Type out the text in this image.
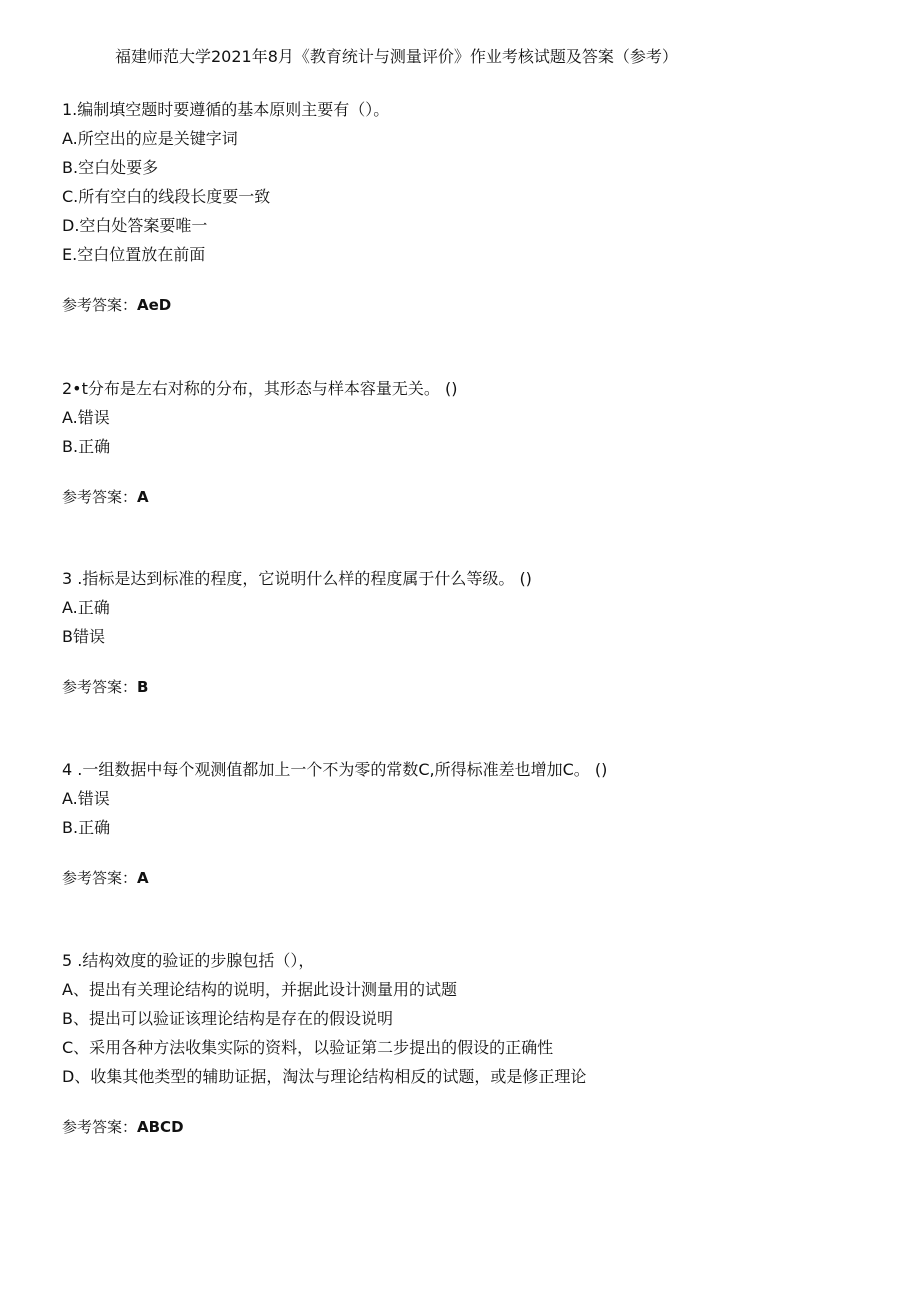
福建师范大学2021年8月《教育统计与测量评价》作业考核试题及答案（参考）
1.编制填空题时要遵循的基本原则主要有（）。
A.所空出的应是关键字词
B.空白处要多
C.所有空白的线段长度要一致
D.空白处答案要唯一
E.空白位置放在前面
参考答案：AeD
2•t分布是左右对称的分布，其形态与样本容量无关。 ()
A.错误
B.正确
参考答案：A
3 .指标是达到标准的程度，它说明什么样的程度属于什么等级。 ()
A.正确
B错误
参考答案：B
4 .一组数据中每个观测值都加上一个不为零的常数C,所得标准差也增加C。 ()
A.错误
B.正确
参考答案：A
5 .结构效度的验证的步腺包括（），
A、提出有关理论结构的说明，并据此设计测量用的试题
B、提出可以验证该理论结构是存在的假设说明
C、采用各种方法收集实际的资料，以验证第二步提出的假设的正确性
D、收集其他类型的辅助证据，淘汰与理论结构相反的试题，或是修正理论
参考答案：ABCD
